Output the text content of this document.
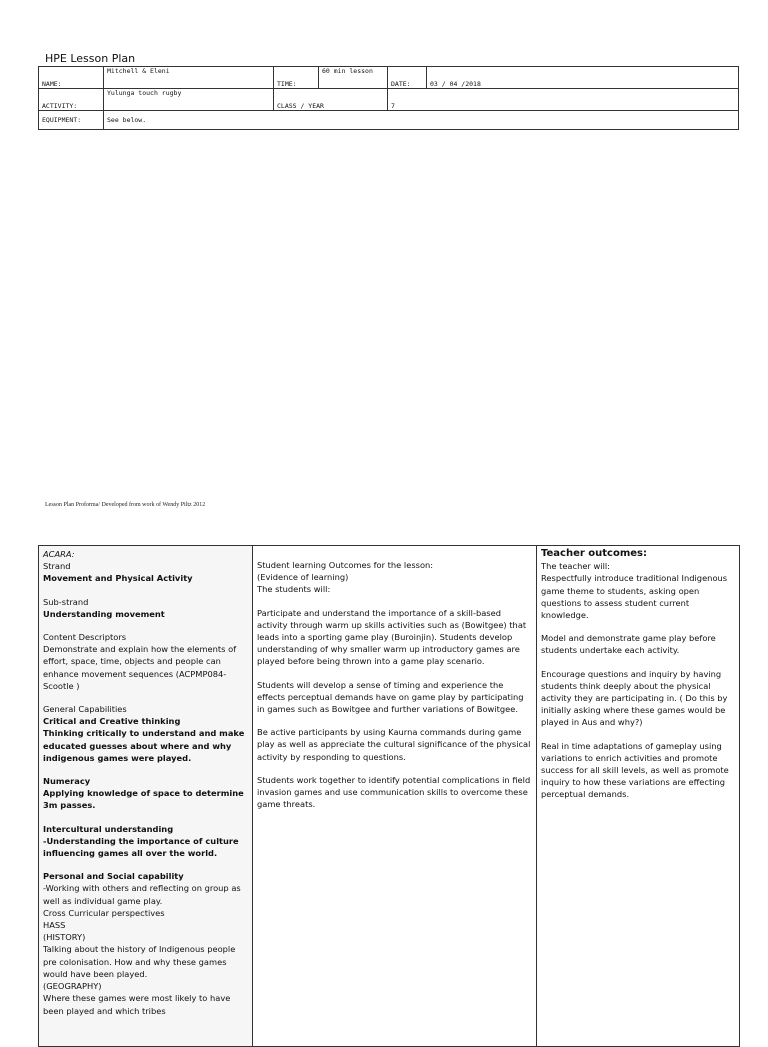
HPE Lesson Plan
NAME:	Mitchell & Eleni	TIME:	60 min lesson	DATE:	03 / 04 /2018
ACTIVITY:	Yulunga touch rugby	CLASS / YEAR		7	
EQUIPMENT:	See below.				
Lesson Plan Proforma/ Developed from work of Wendy Piltz 2012
ACARA:
Strand
Movement and Physical Activity
Sub-strand
Understanding movement
Content Descriptors
Demonstrate and explain how the elements of effort, space, time, objects and people can enhance movement sequences (ACPMP084- Scootle )
General Capabilities
Critical and Creative thinking
Thinking critically to understand and make educated guesses about where and why indigenous games were played.
Numeracy
Applying knowledge of space to determine 3m passes.
Intercultural understanding
-Understanding the importance of culture influencing games all over the world.
Personal and Social capability
-Working with others and reflecting on group as well as individual game play.
Cross Curricular perspectives
HASS
(HISTORY)
Talking about the history of Indigenous people pre colonisation. How and why these games would have been played.
(GEOGRAPHY)
Where these games were most likely to have been played and which tribes
Student learning Outcomes for the lesson:
(Evidence of learning)
The students will:

Participate and understand the importance of a skill-based activity through warm up skills activities such as (Bowitgee) that leads into a sporting game play (Buroinjin). Students develop understanding of why smaller warm up introductory games are played before being thrown into a game play scenario.

Students will develop a sense of timing and experience the effects perceptual demands have on game play by participating in games such as Bowitgee and further variations of Bowitgee.

Be active participants by using Kaurna commands during game play as well as appreciate the cultural significance of the physical activity by responding to questions.

Students work together to identify potential complications in field invasion games and use communication skills to overcome these game threats.

Teacher outcomes:
The teacher will:

Respectfully introduce traditional Indigenous game theme to students, asking open questions to assess student current knowledge.

Model and demonstrate game play before students undertake each activity.

Encourage questions and inquiry by having students think deeply about the physical activity they are participating in. ( Do this by initially asking where these games would be played in Aus and why?)

Real in time adaptations of gameplay using variations to enrich activities and promote success for all skill levels, as well as promote inquiry to how these variations are effecting perceptual demands.
